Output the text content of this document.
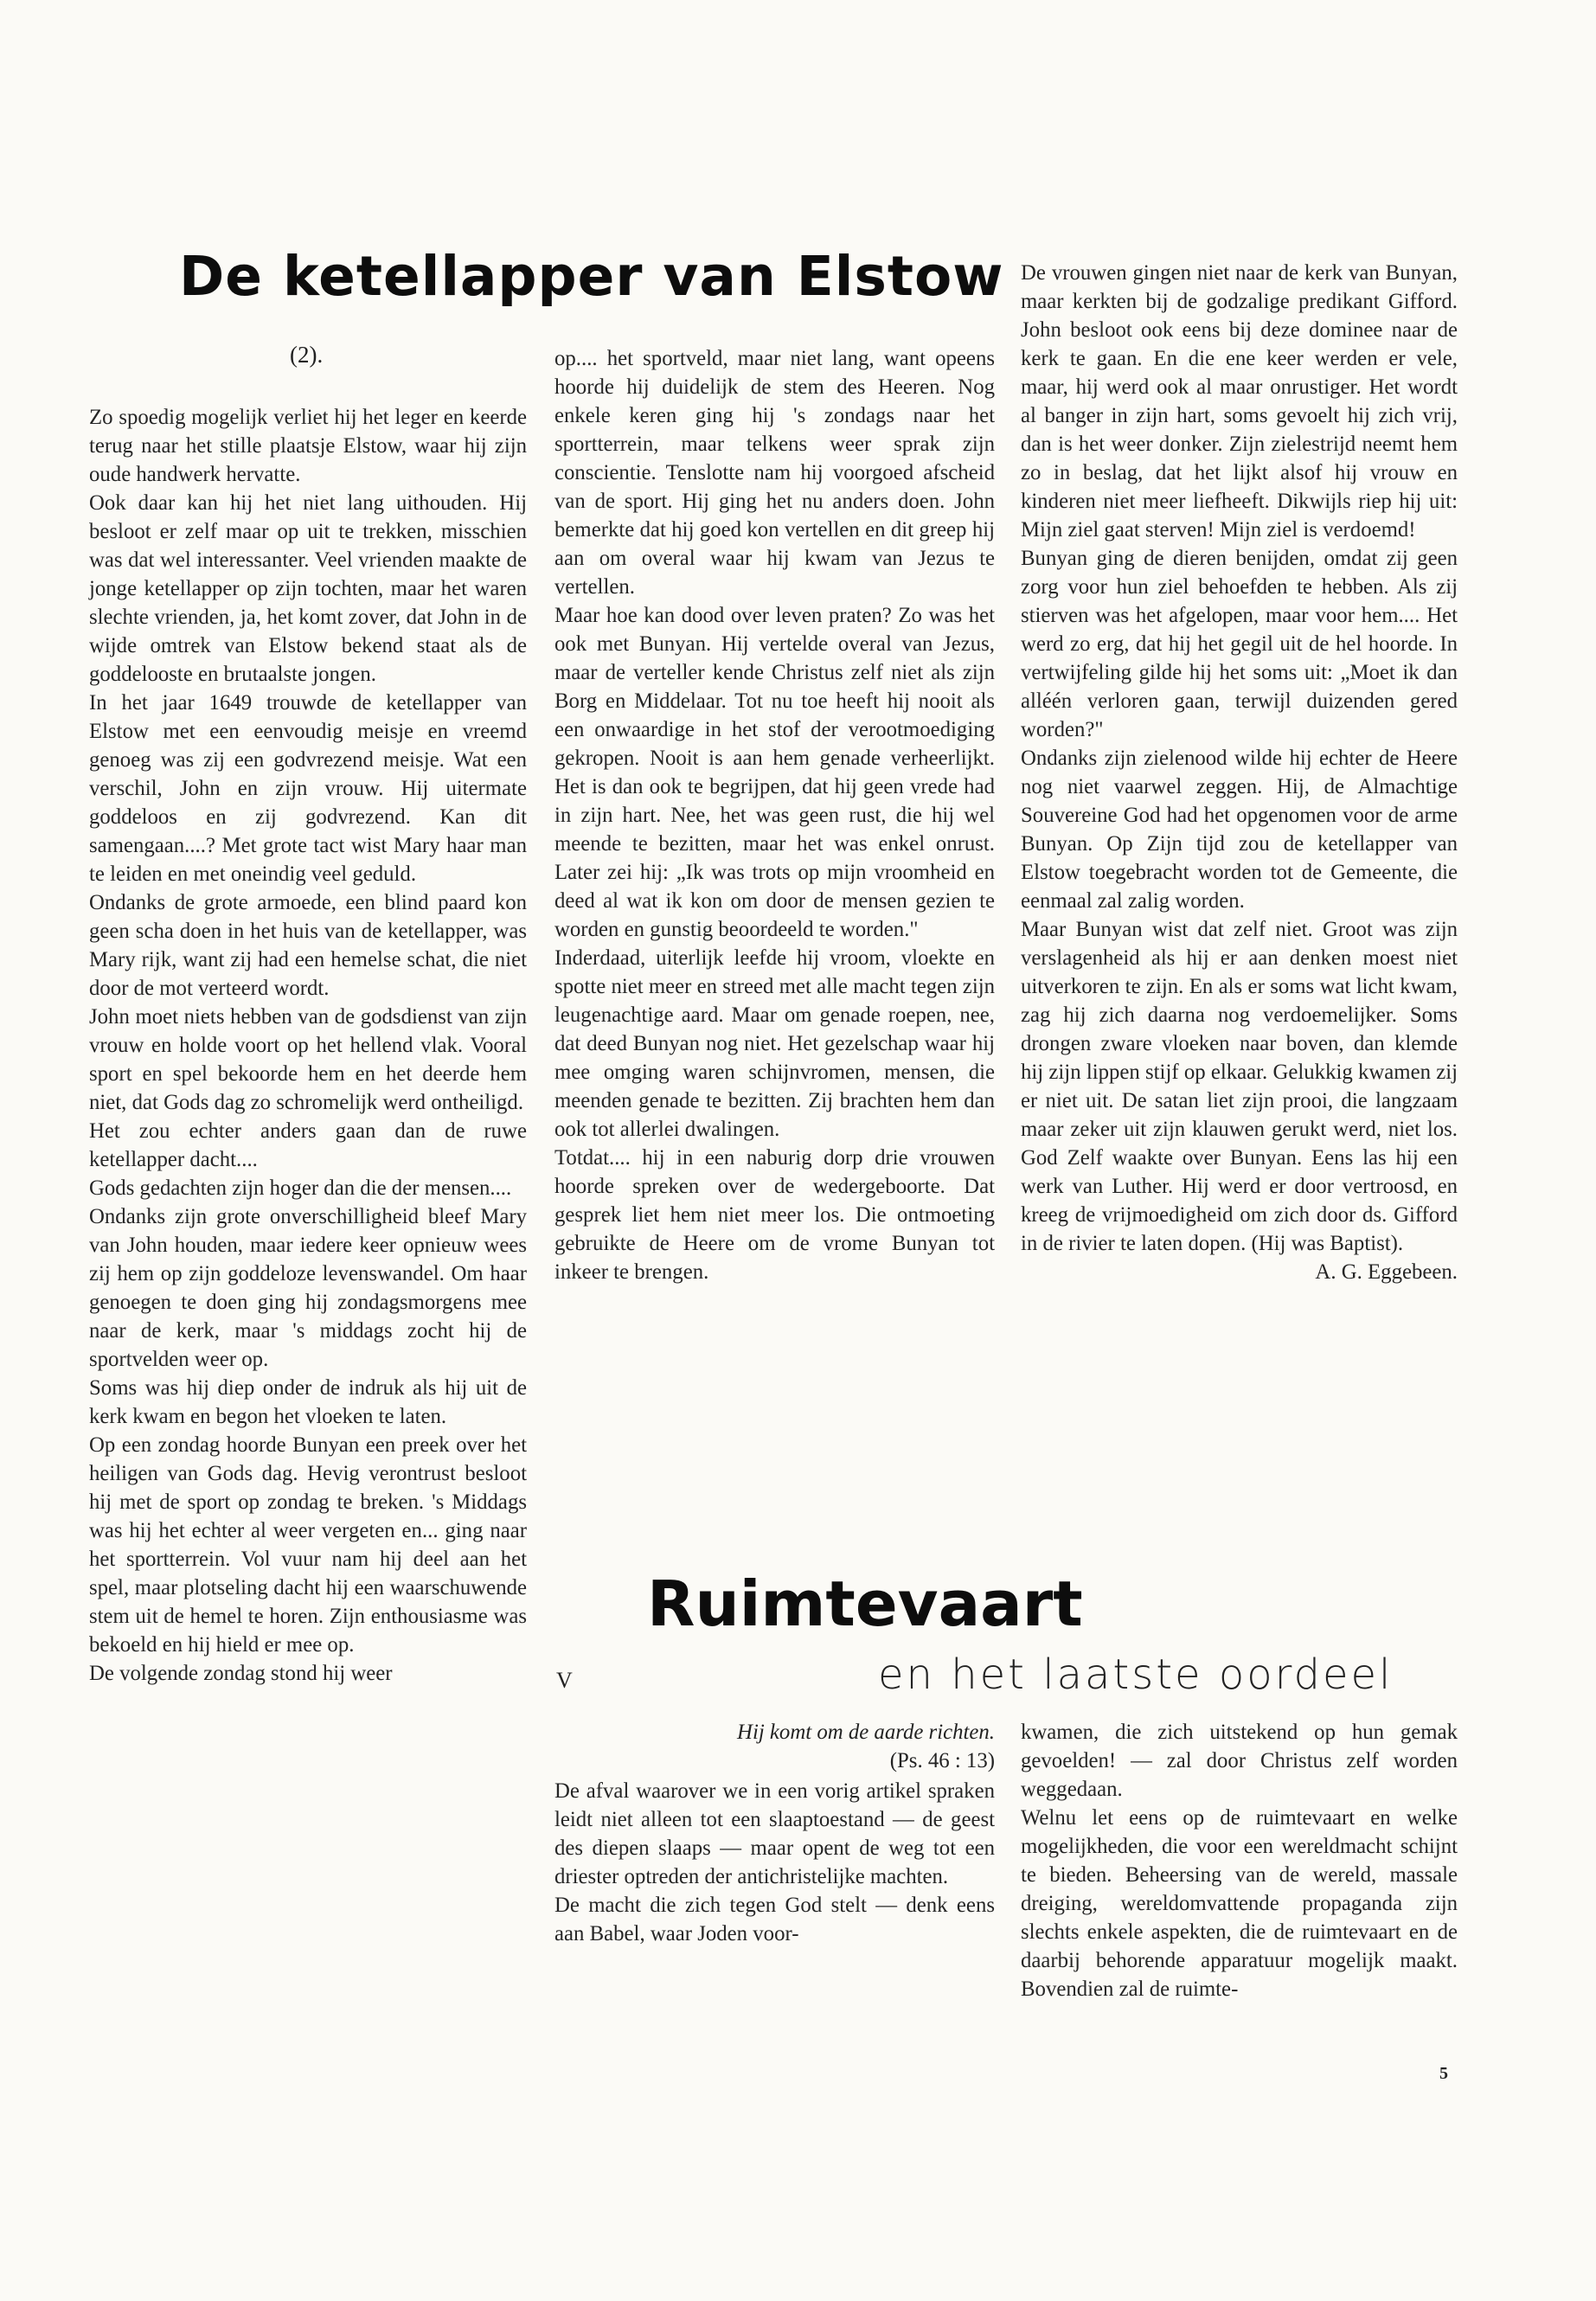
De ketellapper van Elstow
(2).

Zo spoedig mogelijk verliet hij het leger en keerde terug naar het stille plaatsje Elstow, waar hij zijn oude handwerk hervatte.

Ook daar kan hij het niet lang uithouden. Hij besloot er zelf maar op uit te trekken, misschien was dat wel interessanter. Veel vrienden maakte de jonge ketellapper op zijn tochten, maar het waren slechte vrienden, ja, het komt zover, dat John in de wijde omtrek van Elstow bekend staat als de goddelooste en brutaalste jongen.

In het jaar 1649 trouwde de ketellapper van Elstow met een eenvoudig meisje en vreemd genoeg was zij een godvrezend meisje. Wat een verschil, John en zijn vrouw. Hij uitermate goddeloos en zij godvrezend. Kan dit samengaan....? Met grote tact wist Mary haar man te leiden en met oneindig veel geduld.

Ondanks de grote armoede, een blind paard kon geen scha doen in het huis van de ketellapper, was Mary rijk, want zij had een hemelse schat, die niet door de mot verteerd wordt.

John moet niets hebben van de godsdienst van zijn vrouw en holde voort op het hellend vlak. Vooral sport en spel bekoorde hem en het deerde hem niet, dat Gods dag zo schromelijk werd ontheiligd.

Het zou echter anders gaan dan de ruwe ketellapper dacht....

Gods gedachten zijn hoger dan die der mensen....

Ondanks zijn grote onverschilligheid bleef Mary van John houden, maar iedere keer opnieuw wees zij hem op zijn goddeloze levenswandel. Om haar genoegen te doen ging hij zondagsmorgens mee naar de kerk, maar 's middags zocht hij de sportvelden weer op.

Soms was hij diep onder de indruk als hij uit de kerk kwam en begon het vloeken te laten.

Op een zondag hoorde Bunyan een preek over het heiligen van Gods dag. Hevig verontrust besloot hij met de sport op zondag te breken. 's Middags was hij het echter al weer vergeten en... ging naar het sportterrein. Vol vuur nam hij deel aan het spel, maar plotseling dacht hij een waarschuwende stem uit de hemel te horen. Zijn enthousiasme was bekoeld en hij hield er mee op.

De volgende zondag stond hij weer

op.... het sportveld, maar niet lang, want opeens hoorde hij duidelijk de stem des Heeren. Nog enkele keren ging hij 's zondags naar het sportterrein, maar telkens weer sprak zijn conscientie. Tenslotte nam hij voorgoed afscheid van de sport. Hij ging het nu anders doen. John bemerkte dat hij goed kon vertellen en dit greep hij aan om overal waar hij kwam van Jezus te vertellen.

Maar hoe kan dood over leven praten? Zo was het ook met Bunyan. Hij vertelde overal van Jezus, maar de verteller kende Christus zelf niet als zijn Borg en Middelaar. Tot nu toe heeft hij nooit als een onwaardige in het stof der verootmoediging gekropen. Nooit is aan hem genade verheerlijkt. Het is dan ook te begrijpen, dat hij geen vrede had in zijn hart. Nee, het was geen rust, die hij wel meende te bezitten, maar het was enkel onrust. Later zei hij: „Ik was trots op mijn vroomheid en deed al wat ik kon om door de mensen gezien te worden en gunstig beoordeeld te worden."

Inderdaad, uiterlijk leefde hij vroom, vloekte en spotte niet meer en streed met alle macht tegen zijn leugenachtige aard. Maar om genade roepen, nee, dat deed Bunyan nog niet. Het gezelschap waar hij mee omging waren schijnvromen, mensen, die meenden genade te bezitten. Zij brachten hem dan ook tot allerlei dwalingen.

Totdat.... hij in een naburig dorp drie vrouwen hoorde spreken over de wedergeboorte. Dat gesprek liet hem niet meer los. Die ontmoeting gebruikte de Heere om de vrome Bunyan tot inkeer te brengen.

De vrouwen gingen niet naar de kerk van Bunyan, maar kerkten bij de godzalige predikant Gifford. John besloot ook eens bij deze dominee naar de kerk te gaan. En die ene keer werden er vele, maar, hij werd ook al maar onrustiger. Het wordt al banger in zijn hart, soms gevoelt hij zich vrij, dan is het weer donker. Zijn zielestrijd neemt hem zo in beslag, dat het lijkt alsof hij vrouw en kinderen niet meer liefheeft. Dikwijls riep hij uit: Mijn ziel gaat sterven! Mijn ziel is verdoemd!

Bunyan ging de dieren benijden, omdat zij geen zorg voor hun ziel behoefden te hebben. Als zij stierven was het afgelopen, maar voor hem.... Het werd zo erg, dat hij het gegil uit de hel hoorde. In vertwijfeling gilde hij het soms uit: „Moet ik dan alléén verloren gaan, terwijl duizenden gered worden?"

Ondanks zijn zielenood wilde hij echter de Heere nog niet vaarwel zeggen. Hij, de Almachtige Souvereine God had het opgenomen voor de arme Bunyan. Op Zijn tijd zou de ketellapper van Elstow toegebracht worden tot de Gemeente, die eenmaal zal zalig worden.

Maar Bunyan wist dat zelf niet. Groot was zijn verslagenheid als hij er aan denken moest niet uitverkoren te zijn. En als er soms wat licht kwam, zag hij zich daarna nog verdoemelijker. Soms drongen zware vloeken naar boven, dan klemde hij zijn lippen stijf op elkaar. Gelukkig kwamen zij er niet uit. De satan liet zijn prooi, die langzaam maar zeker uit zijn klauwen gerukt werd, niet los. God Zelf waakte over Bunyan. Eens las hij een werk van Luther. Hij werd er door vertroosd, en kreeg de vrijmoedigheid om zich door ds. Gifford in de rivier te laten dopen. (Hij was Baptist).

A. G. Eggebeen.

Ruimtevaart
en het laatste oordeel
V
Hij komt om de aarde richten.
(Ps. 46 : 13)

De afval waarover we in een vorig artikel spraken leidt niet alleen tot een slaaptoestand — de geest des diepen slaaps — maar opent de weg tot een driester optreden der antichristelijke machten.

De macht die zich tegen God stelt — denk eens aan Babel, waar Joden voor-

kwamen, die zich uitstekend op hun gemak gevoelden! — zal door Christus zelf worden weggedaan.

Welnu let eens op de ruimtevaart en welke mogelijkheden, die voor een wereldmacht schijnt te bieden. Beheersing van de wereld, massale dreiging, wereldomvattende propaganda zijn slechts enkele aspekten, die de ruimtevaart en de daarbij behorende apparatuur mogelijk maakt. Bovendien zal de ruimte-

5
